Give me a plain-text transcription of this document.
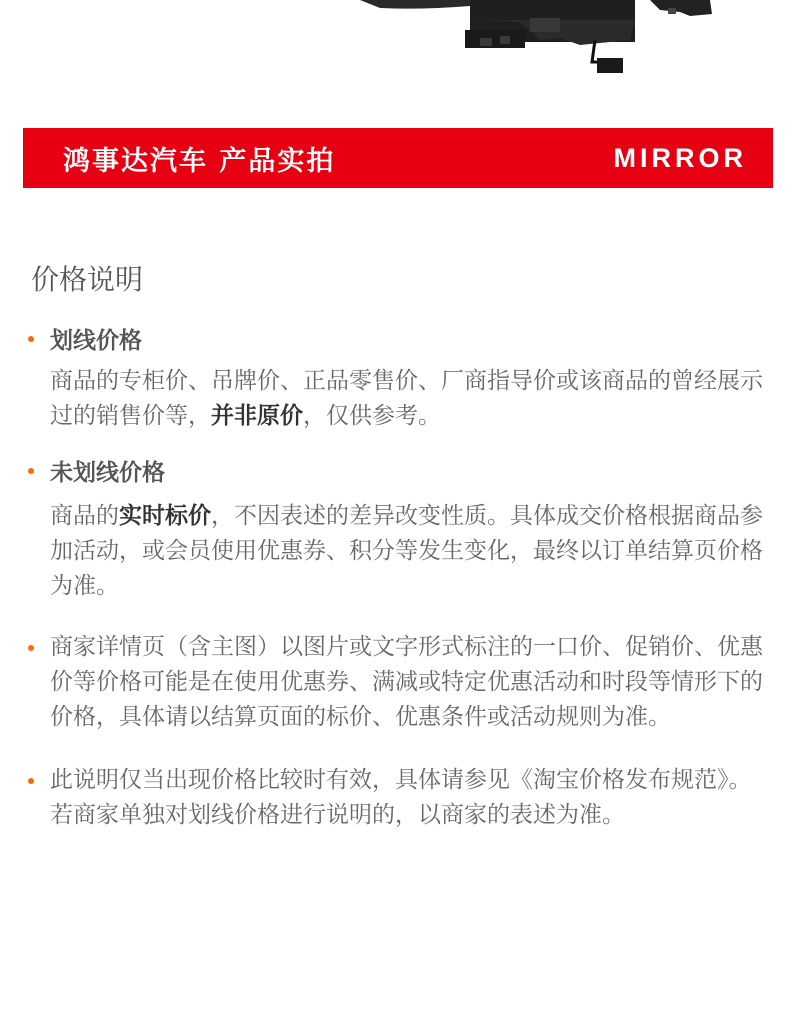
鸿事达汽车 产品实拍	MIRROR
价格说明
划线价格
商品的专柜价、吊牌价、正品零售价、厂商指导价或该商品的曾经展示过的销售价等，并非原价，仅供参考。
未划线价格
商品的实时标价，不因表述的差异改变性质。具体成交价格根据商品参加活动，或会员使用优惠券、积分等发生变化，最终以订单结算页价格为准。
商家详情页（含主图）以图片或文字形式标注的一口价、促销价、优惠价等价格可能是在使用优惠券、满减或特定优惠活动和时段等情形下的价格，具体请以结算页面的标价、优惠条件或活动规则为准。
此说明仅当出现价格比较时有效，具体请参见《淘宝价格发布规范》。若商家单独对划线价格进行说明的，以商家的表述为准。
